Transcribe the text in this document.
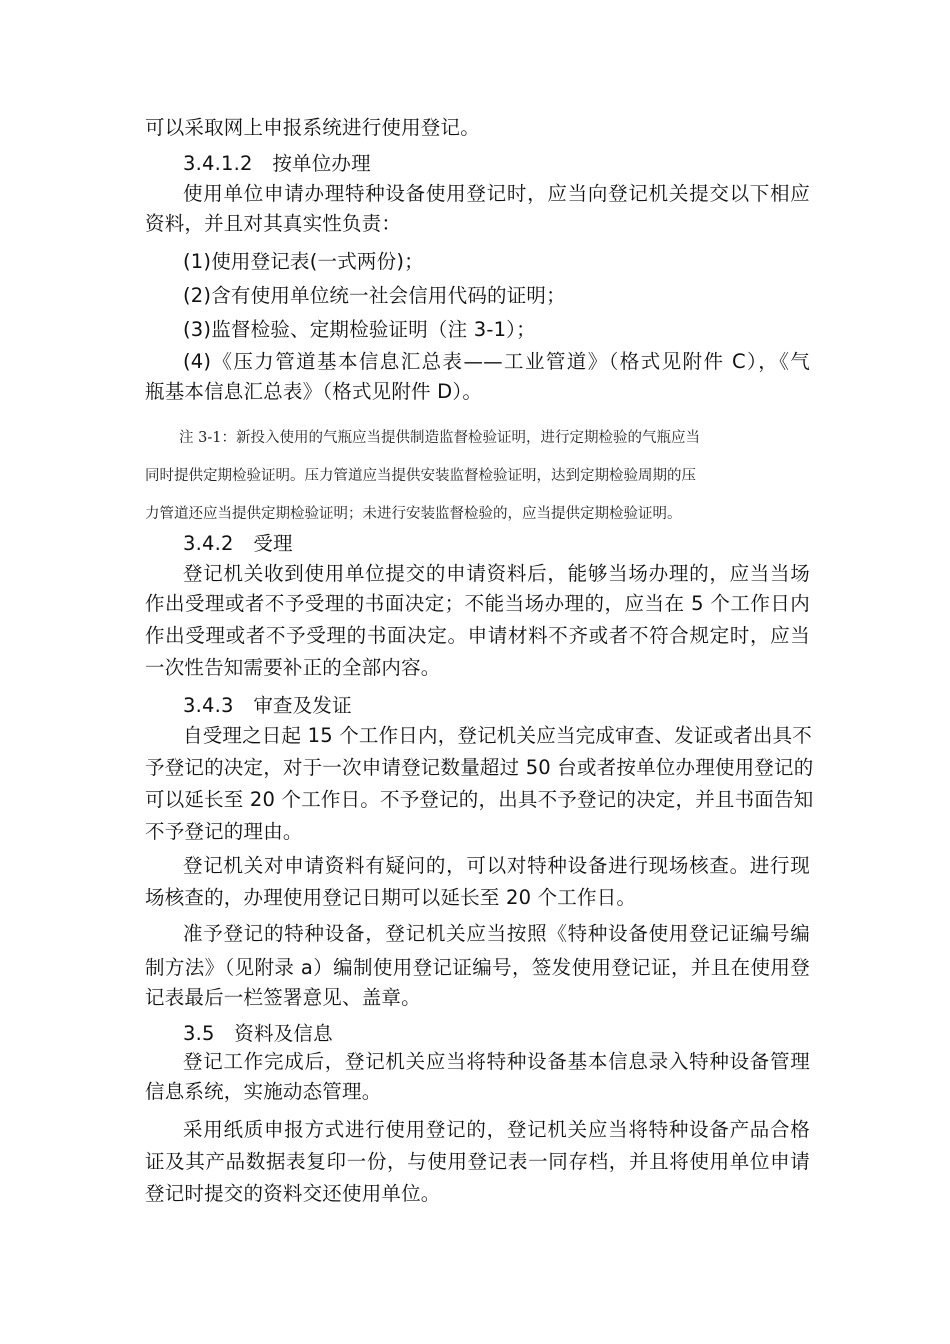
可以采取网上申报系统进行使用登记。
3.4.1.2　按单位办理
使用单位申请办理特种设备使用登记时，应当向登记机关提交以下相应
资料，并且对其真实性负责：
(1)使用登记表(一式两份)；
(2)含有使用单位统一社会信用代码的证明；
(3)监督检验、定期检验证明（注 3-1）；
(4)《压力管道基本信息汇总表——工业管道》（格式见附件 C），《气
瓶基本信息汇总表》（格式见附件 D）。
注 3-1：新投入使用的气瓶应当提供制造监督检验证明，进行定期检验的气瓶应当
同时提供定期检验证明。压力管道应当提供安装监督检验证明，达到定期检验周期的压
力管道还应当提供定期检验证明；未进行安装监督检验的，应当提供定期检验证明。
3.4.2　受理
登记机关收到使用单位提交的申请资料后，能够当场办理的，应当当场
作出受理或者不予受理的书面决定；不能当场办理的，应当在 5 个工作日内
作出受理或者不予受理的书面决定。申请材料不齐或者不符合规定时，应当
一次性告知需要补正的全部内容。
3.4.3　审查及发证
自受理之日起 15 个工作日内，登记机关应当完成审查、发证或者出具不
予登记的决定，对于一次申请登记数量超过 50 台或者按单位办理使用登记的
可以延长至 20 个工作日。不予登记的，出具不予登记的决定，并且书面告知
不予登记的理由。
登记机关对申请资料有疑问的，可以对特种设备进行现场核查。进行现
场核查的，办理使用登记日期可以延长至 20 个工作日。
准予登记的特种设备，登记机关应当按照《特种设备使用登记证编号编
制方法》（见附录 a）编制使用登记证编号，签发使用登记证，并且在使用登
记表最后一栏签署意见、盖章。
3.5　资料及信息
登记工作完成后，登记机关应当将特种设备基本信息录入特种设备管理
信息系统，实施动态管理。
采用纸质申报方式进行使用登记的，登记机关应当将特种设备产品合格
证及其产品数据表复印一份，与使用登记表一同存档，并且将使用单位申请
登记时提交的资料交还使用单位。
